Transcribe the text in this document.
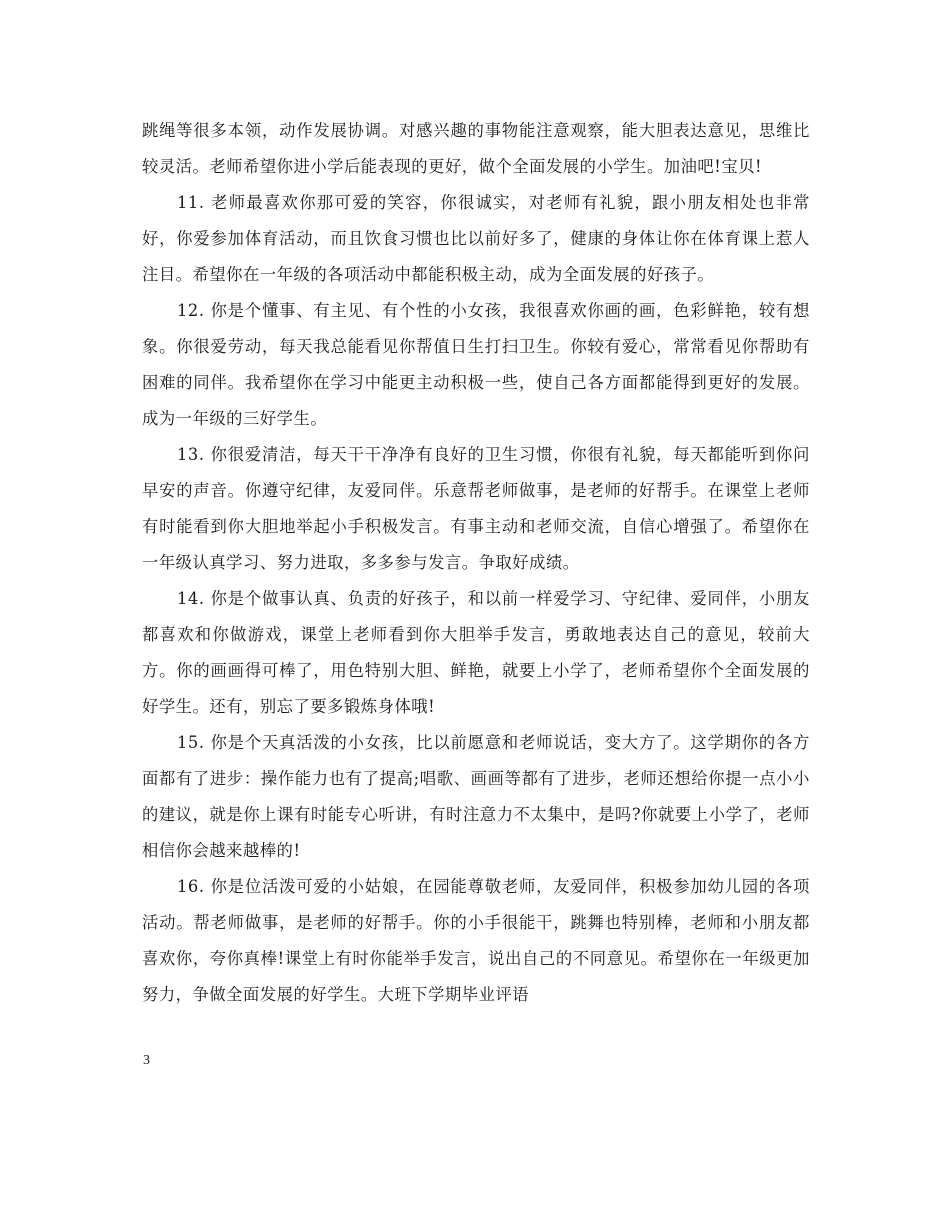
跳绳等很多本领，动作发展协调。对感兴趣的事物能注意观察，能大胆表达意见，思维比较灵活。老师希望你进小学后能表现的更好，做个全面发展的小学生。加油吧!宝贝!

11. 老师最喜欢你那可爱的笑容，你很诚实，对老师有礼貌，跟小朋友相处也非常好，你爱参加体育活动，而且饮食习惯也比以前好多了，健康的身体让你在体育课上惹人注目。希望你在一年级的各项活动中都能积极主动，成为全面发展的好孩子。

12. 你是个懂事、有主见、有个性的小女孩，我很喜欢你画的画，色彩鲜艳，较有想象。你很爱劳动，每天我总能看见你帮值日生打扫卫生。你较有爱心，常常看见你帮助有困难的同伴。我希望你在学习中能更主动积极一些，使自己各方面都能得到更好的发展。成为一年级的三好学生。

13. 你很爱清洁，每天干干净净有良好的卫生习惯，你很有礼貌，每天都能听到你问早安的声音。你遵守纪律，友爱同伴。乐意帮老师做事，是老师的好帮手。在课堂上老师有时能看到你大胆地举起小手积极发言。有事主动和老师交流，自信心增强了。希望你在一年级认真学习、努力进取，多多参与发言。争取好成绩。

14. 你是个做事认真、负责的好孩子，和以前一样爱学习、守纪律、爱同伴，小朋友都喜欢和你做游戏，课堂上老师看到你大胆举手发言，勇敢地表达自己的意见，较前大方。你的画画得可棒了，用色特别大胆、鲜艳，就要上小学了，老师希望你个全面发展的好学生。还有，别忘了要多锻炼身体哦!

15. 你是个天真活泼的小女孩，比以前愿意和老师说话，变大方了。这学期你的各方面都有了进步：操作能力也有了提高;唱歌、画画等都有了进步，老师还想给你提一点小小的建议，就是你上课有时能专心听讲，有时注意力不太集中，是吗?你就要上小学了，老师相信你会越来越棒的!

16. 你是位活泼可爱的小姑娘，在园能尊敬老师，友爱同伴，积极参加幼儿园的各项活动。帮老师做事，是老师的好帮手。你的小手很能干，跳舞也特别棒，老师和小朋友都喜欢你，夸你真棒!课堂上有时你能举手发言，说出自己的不同意见。希望你在一年级更加努力，争做全面发展的好学生。大班下学期毕业评语

3
